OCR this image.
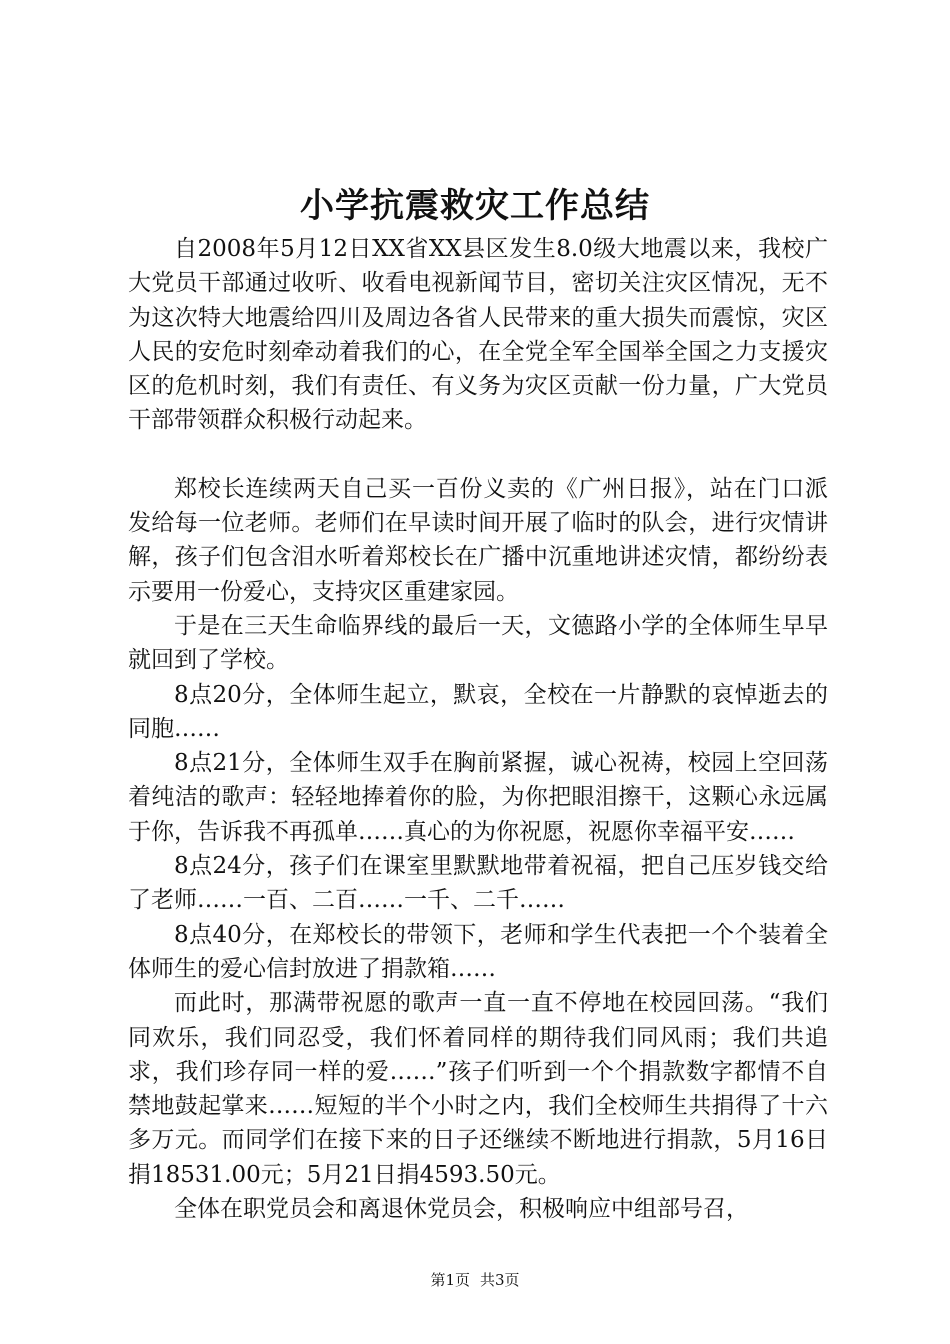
小学抗震救灾工作总结

自2008年5月12日XX省XX县区发生8.0级大地震以来，我校广大党员干部通过收听、收看电视新闻节目，密切关注灾区情况，无不为这次特大地震给四川及周边各省人民带来的重大损失而震惊，灾区人民的安危时刻牵动着我们的心，在全党全军全国举全国之力支援灾区的危机时刻，我们有责任、有义务为灾区贡献一份力量，广大党员干部带领群众积极行动起来。

郑校长连续两天自己买一百份义卖的《广州日报》，站在门口派发给每一位老师。老师们在早读时间开展了临时的队会，进行灾情讲解，孩子们包含泪水听着郑校长在广播中沉重地讲述灾情，都纷纷表示要用一份爱心，支持灾区重建家园。

于是在三天生命临界线的最后一天，文德路小学的全体师生早早就回到了学校。

8点20分，全体师生起立，默哀，全校在一片静默的哀悼逝去的同胞……

8点21分，全体师生双手在胸前紧握，诚心祝祷，校园上空回荡着纯洁的歌声：轻轻地捧着你的脸，为你把眼泪擦干，这颗心永远属于你，告诉我不再孤单……真心的为你祝愿，祝愿你幸福平安……

8点24分，孩子们在课室里默默地带着祝福，把自己压岁钱交给了老师……一百、二百……一千、二千……

8点40分，在郑校长的带领下，老师和学生代表把一个个装着全体师生的爱心信封放进了捐款箱……

而此时，那满带祝愿的歌声一直一直不停地在校园回荡。“我们同欢乐，我们同忍受，我们怀着同样的期待我们同风雨；我们共追求，我们珍存同一样的爱……”孩子们听到一个个捐款数字都情不自禁地鼓起掌来……短短的半个小时之内，我们全校师生共捐得了十六多万元。而同学们在接下来的日子还继续不断地进行捐款，5月16日捐18531.00元；5月21日捐4593.50元。

全体在职党员会和离退休党员会，积极响应中组部号召，

第1页 共3页
